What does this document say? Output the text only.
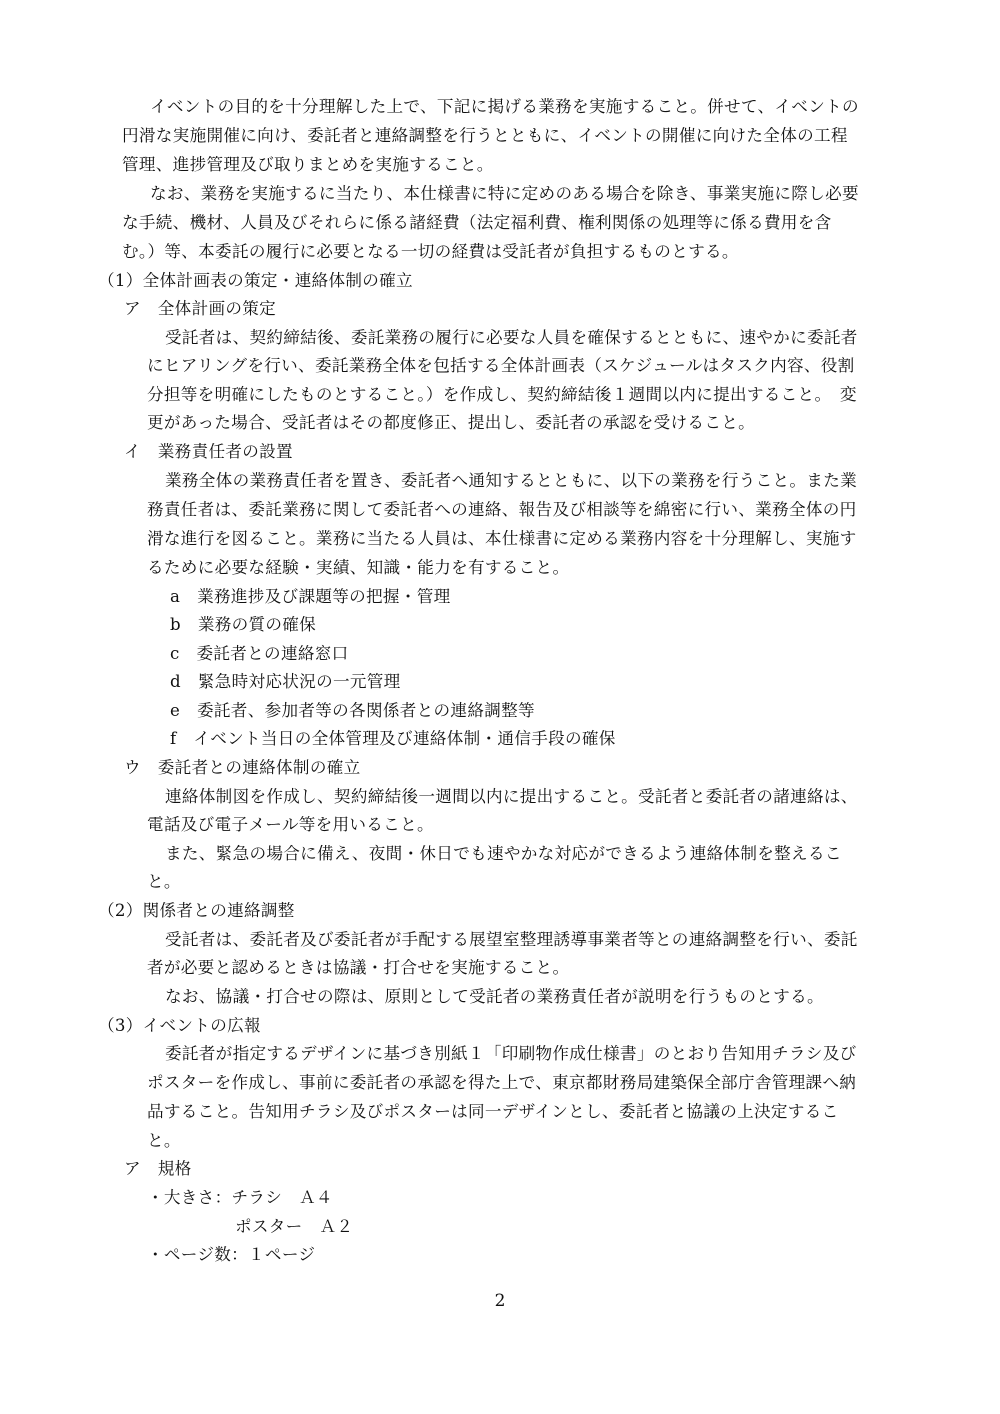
イベントの目的を十分理解した上で、下記に掲げる業務を実施すること。併せて、イベントの
円滑な実施開催に向け、委託者と連絡調整を行うとともに、イベントの開催に向けた全体の工程
管理、進捗管理及び取りまとめを実施すること。
なお、業務を実施するに当たり、本仕様書に特に定めのある場合を除き、事業実施に際し必要
な手続、機材、人員及びそれらに係る諸経費（法定福利費、権利関係の処理等に係る費用を含
む。）等、本委託の履行に必要となる一切の経費は受託者が負担するものとする。
（1）全体計画表の策定・連絡体制の確立
ア　全体計画の策定
受託者は、契約締結後、委託業務の履行に必要な人員を確保するとともに、速やかに委託者
にヒアリングを行い、委託業務全体を包括する全体計画表（スケジュールはタスク内容、役割
分担等を明確にしたものとすること。）を作成し、契約締結後１週間以内に提出すること。　変
更があった場合、受託者はその都度修正、提出し、委託者の承認を受けること。
イ　業務責任者の設置
業務全体の業務責任者を置き、委託者へ通知するとともに、以下の業務を行うこと。また業
務責任者は、委託業務に関して委託者への連絡、報告及び相談等を綿密に行い、業務全体の円
滑な進行を図ること。業務に当たる人員は、本仕様書に定める業務内容を十分理解し、実施す
るために必要な経験・実績、知識・能力を有すること。
a　業務進捗及び課題等の把握・管理
b　業務の質の確保
c　委託者との連絡窓口
d　緊急時対応状況の一元管理
e　委託者、参加者等の各関係者との連絡調整等
f　イベント当日の全体管理及び連絡体制・通信手段の確保
ウ　委託者との連絡体制の確立
連絡体制図を作成し、契約締結後一週間以内に提出すること。受託者と委託者の諸連絡は、
電話及び電子メール等を用いること。
また、緊急の場合に備え、夜間・休日でも速やかな対応ができるよう連絡体制を整えるこ
と。
（2）関係者との連絡調整
受託者は、委託者及び委託者が手配する展望室整理誘導事業者等との連絡調整を行い、委託
者が必要と認めるときは協議・打合せを実施すること。
なお、協議・打合せの際は、原則として受託者の業務責任者が説明を行うものとする。
（3）イベントの広報
委託者が指定するデザインに基づき別紙１「印刷物作成仕様書」のとおり告知用チラシ及び
ポスターを作成し、事前に委託者の承認を得た上で、東京都財務局建築保全部庁舎管理課へ納
品すること。告知用チラシ及びポスターは同一デザインとし、委託者と協議の上決定するこ
と。
ア　規格
・大きさ：チラシ　Ａ４
ポスター　Ａ２
・ページ数：１ページ
2
